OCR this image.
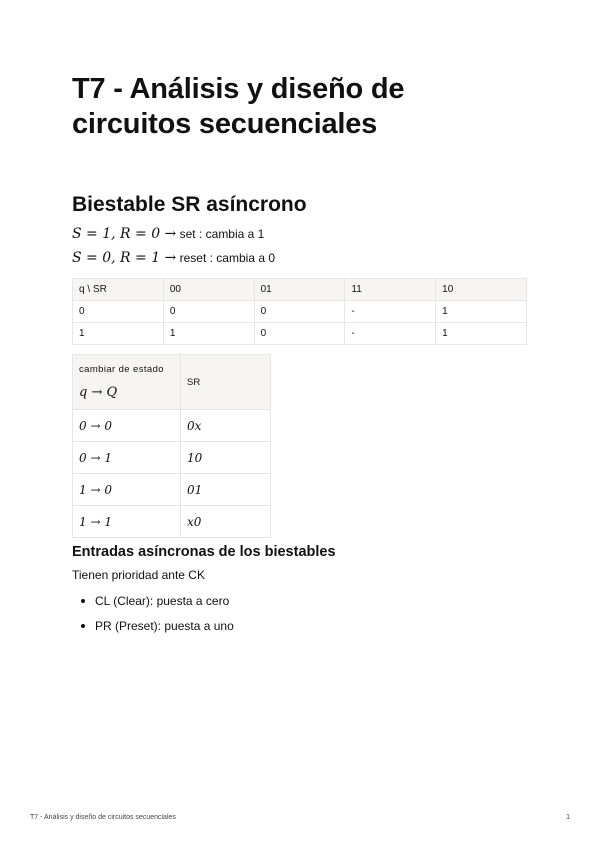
T7 - Análisis y diseño de circuitos secuenciales
Biestable SR asíncrono
S = 1, R = 0 → set : cambia a 1
S = 0, R = 1 → reset : cambia a 0
q \ SR	00	01	11	10
0	0	0	-	1
1	1	0	-	1
cambiar de estado
q → Q	SR
0 → 0	0x
0 → 1	10
1 → 0	01
1 → 1	x0
Entradas asíncronas de los biestables

Tienen prioridad ante CK

CL (Clear): puesta a cero
PR (Preset): puesta a uno
T7 - Análisis y diseño de circuitos secuenciales	1
